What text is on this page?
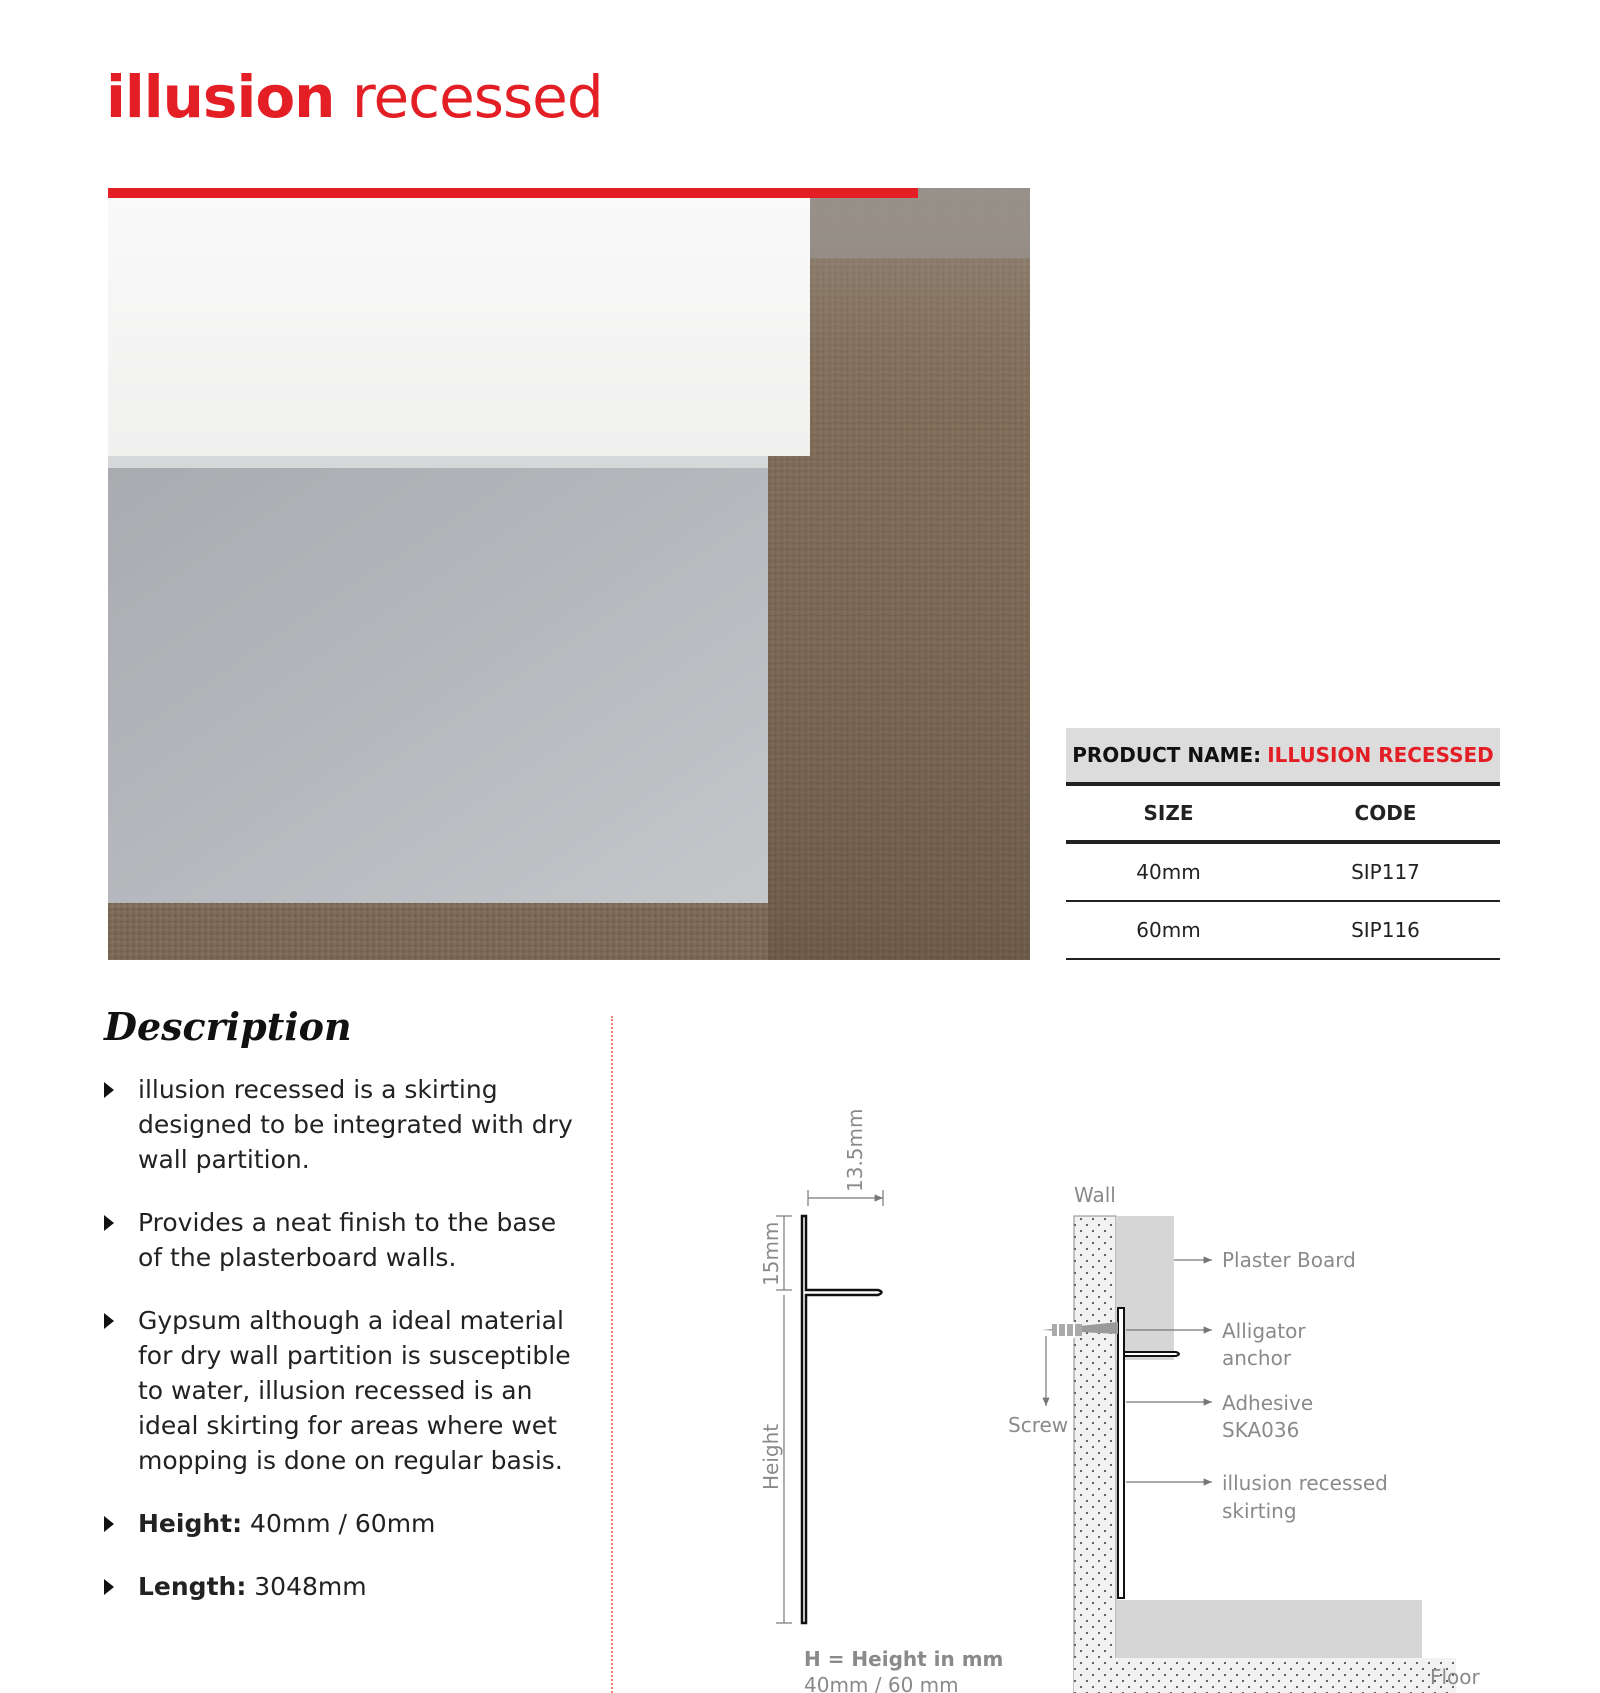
illusion recessed
PRODUCT NAME: ILLUSION RECESSED
SIZE	CODE
40mm	SIP117
60mm	SIP116
Description
illusion recessed is a skirting designed to be integrated with dry wall partition.
Provides a neat finish to the base of the plasterboard walls.
Gypsum although a ideal material for dry wall partition is susceptible to water, illusion recessed is an ideal skirting for areas where wet mopping is done on regular basis.
Height: 40mm / 60mm
Length: 3048mm
13.5mm
15mm
Height
H = Height in mm
40mm / 60 mm
Wall
Screw
Plaster Board
Alligator
anchor
Adhesive
SKA036
illusion recessed
skirting
Floor
